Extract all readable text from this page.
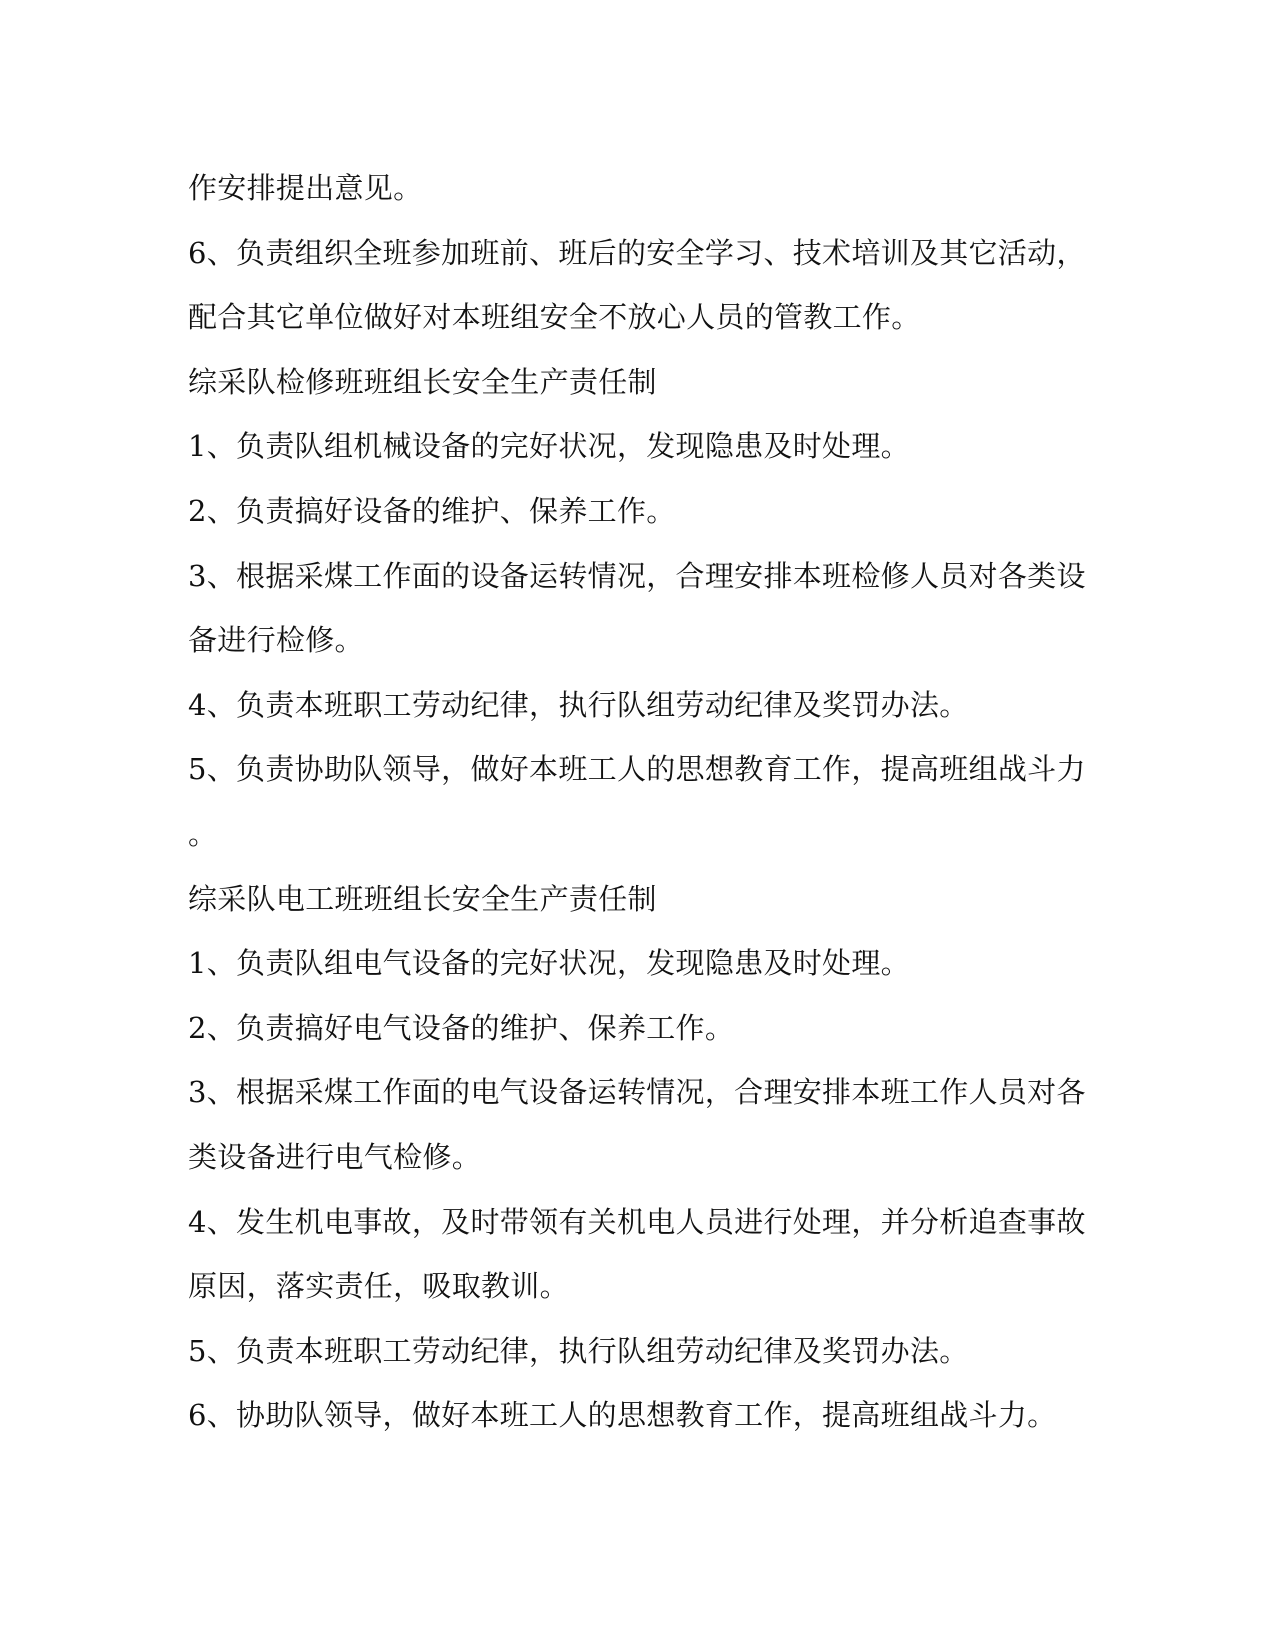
作安排提出意见。
6、负责组织全班参加班前、班后的安全学习、技术培训及其它活动，
配合其它单位做好对本班组安全不放心人员的管教工作。
综采队检修班班组长安全生产责任制
1、负责队组机械设备的完好状况，发现隐患及时处理。
2、负责搞好设备的维护、保养工作。
3、根据采煤工作面的设备运转情况，合理安排本班检修人员对各类设
备进行检修。
4、负责本班职工劳动纪律，执行队组劳动纪律及奖罚办法。
5、负责协助队领导，做好本班工人的思想教育工作，提高班组战斗力
。
综采队电工班班组长安全生产责任制
1、负责队组电气设备的完好状况，发现隐患及时处理。
2、负责搞好电气设备的维护、保养工作。
3、根据采煤工作面的电气设备运转情况，合理安排本班工作人员对各
类设备进行电气检修。
4、发生机电事故，及时带领有关机电人员进行处理，并分析追查事故
原因，落实责任，吸取教训。
5、负责本班职工劳动纪律，执行队组劳动纪律及奖罚办法。
6、协助队领导，做好本班工人的思想教育工作，提高班组战斗力。
